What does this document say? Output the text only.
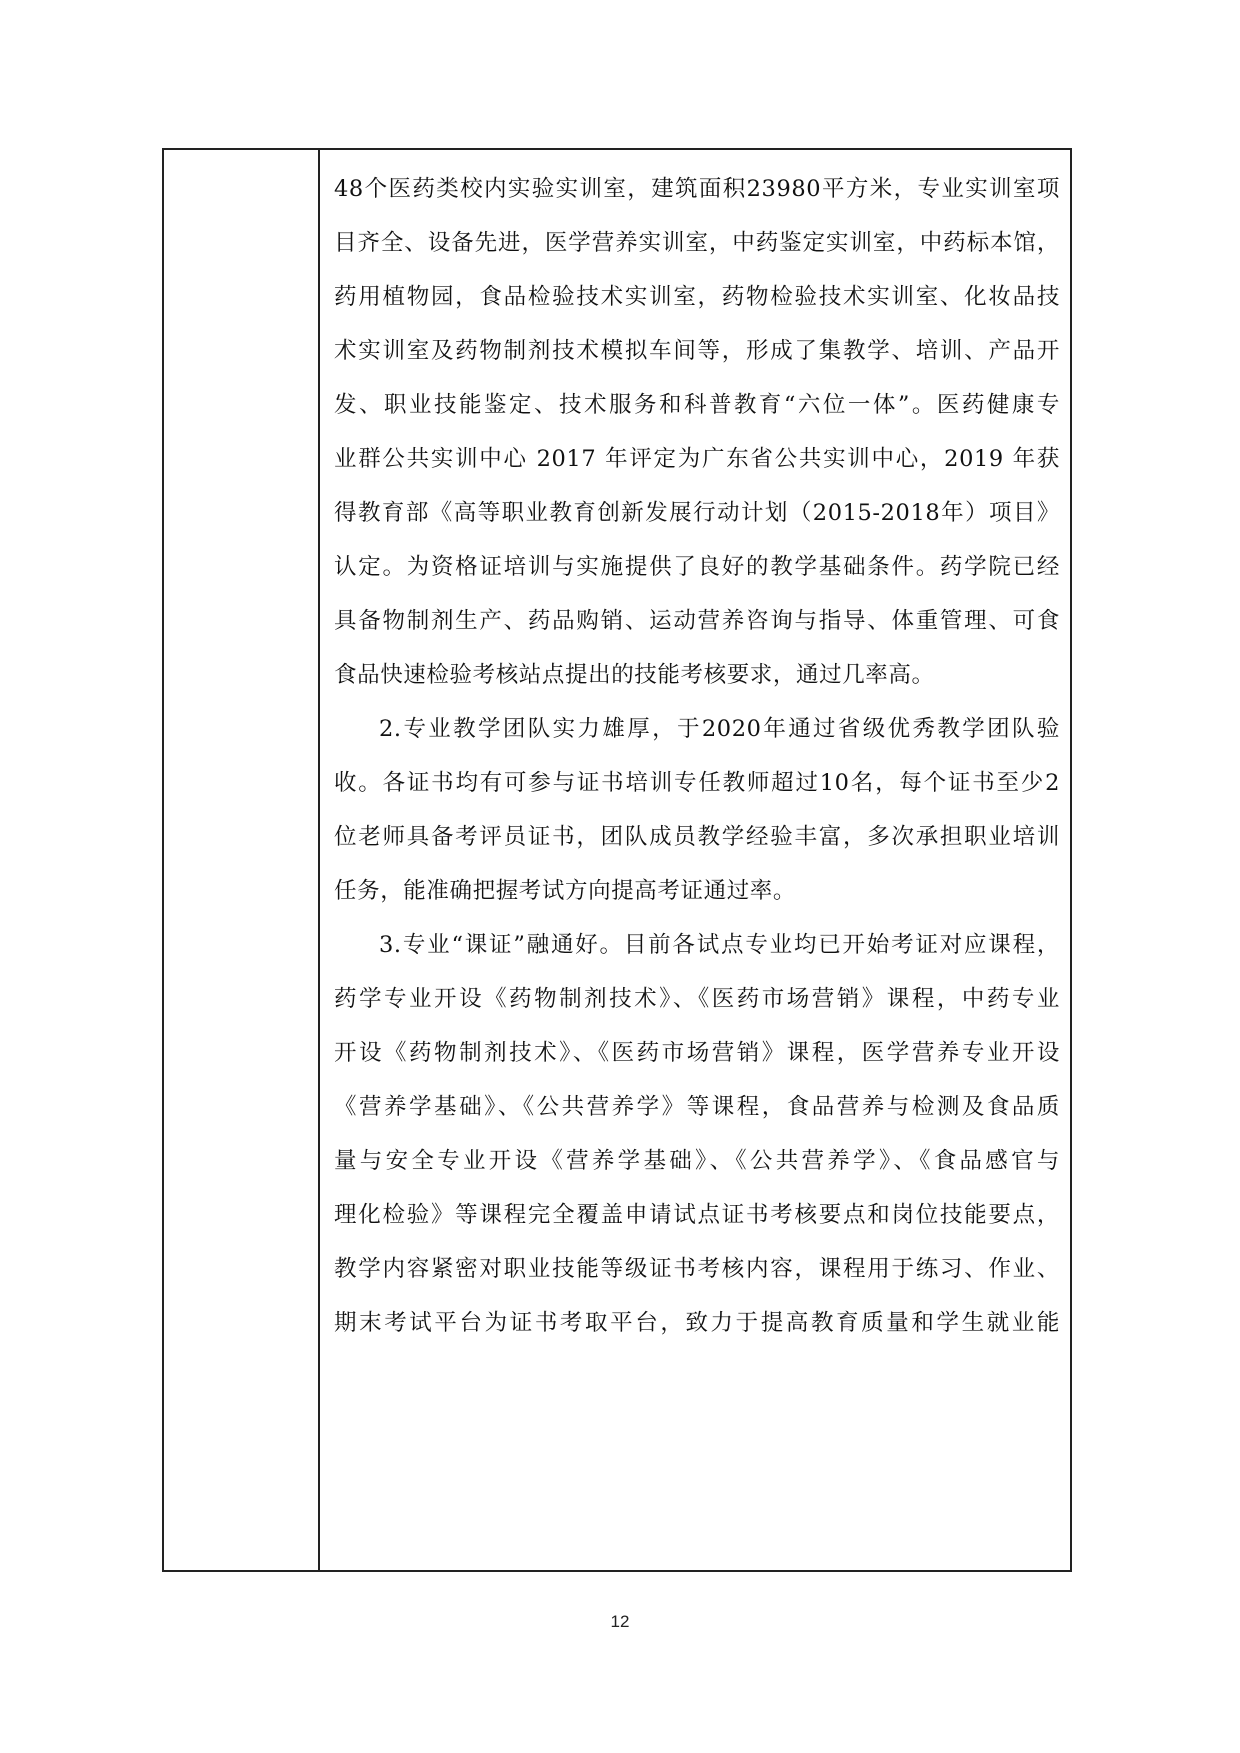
48个医药类校内实验实训室，建筑面积23980平方米，专业实训室项
目齐全、设备先进，医学营养实训室，中药鉴定实训室，中药标本馆，
药用植物园，食品检验技术实训室，药物检验技术实训室、化妆品技
术实训室及药物制剂技术模拟车间等，形成了集教学、培训、产品开
发、职业技能鉴定、技术服务和科普教育“六位一体”。医药健康专
业群公共实训中心 2017 年评定为广东省公共实训中心，2019 年获
得教育部《高等职业教育创新发展行动计划（2015-2018年）项目》
认定。为资格证培训与实施提供了良好的教学基础条件。药学院已经
具备物制剂生产、药品购销、运动营养咨询与指导、体重管理、可食
食品快速检验考核站点提出的技能考核要求，通过几率高。
2.专业教学团队实力雄厚，于2020年通过省级优秀教学团队验
收。各证书均有可参与证书培训专任教师超过10名，每个证书至少2
位老师具备考评员证书，团队成员教学经验丰富，多次承担职业培训
任务，能准确把握考试方向提高考证通过率。
3.专业“课证”融通好。目前各试点专业均已开始考证对应课程，
药学专业开设《药物制剂技术》、《医药市场营销》课程，中药专业
开设《药物制剂技术》、《医药市场营销》课程，医学营养专业开设
《营养学基础》、《公共营养学》等课程，食品营养与检测及食品质
量与安全专业开设《营养学基础》、《公共营养学》、《食品感官与
理化检验》等课程完全覆盖申请试点证书考核要点和岗位技能要点，
教学内容紧密对职业技能等级证书考核内容，课程用于练习、作业、
期末考试平台为证书考取平台，致力于提高教育质量和学生就业能
12
